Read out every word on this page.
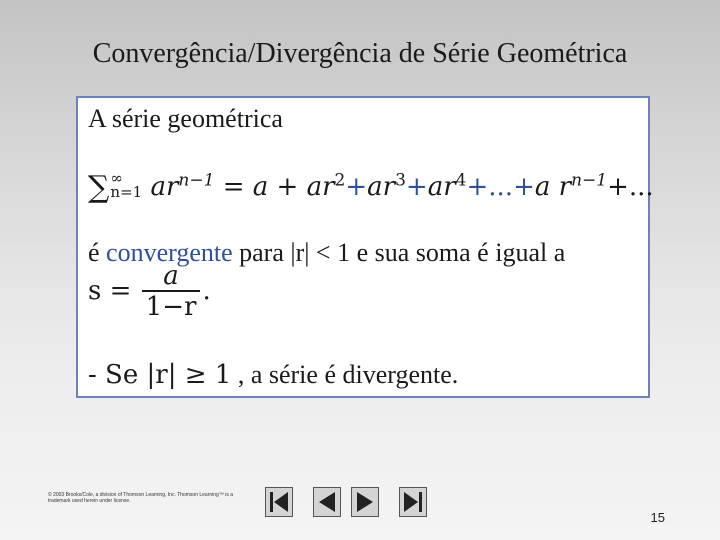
Convergência/Divergência de Série Geométrica
A série geométrica
∑ ∞
n=1 $ar^{n-1} = a + ar^2+ar^3+ar^4+...+a$ $r^{n-1}+$...
é convergente para |r| < 1 e sua soma é igual a
$s = \frac{a}{1-r}$ .
- Se |r| ≥ 1 , a série é divergente.
© 2003 Brooks/Cole, a division of Thomson Learning, Inc. Thomson Learning™ is a trademark used herein under license.
15
